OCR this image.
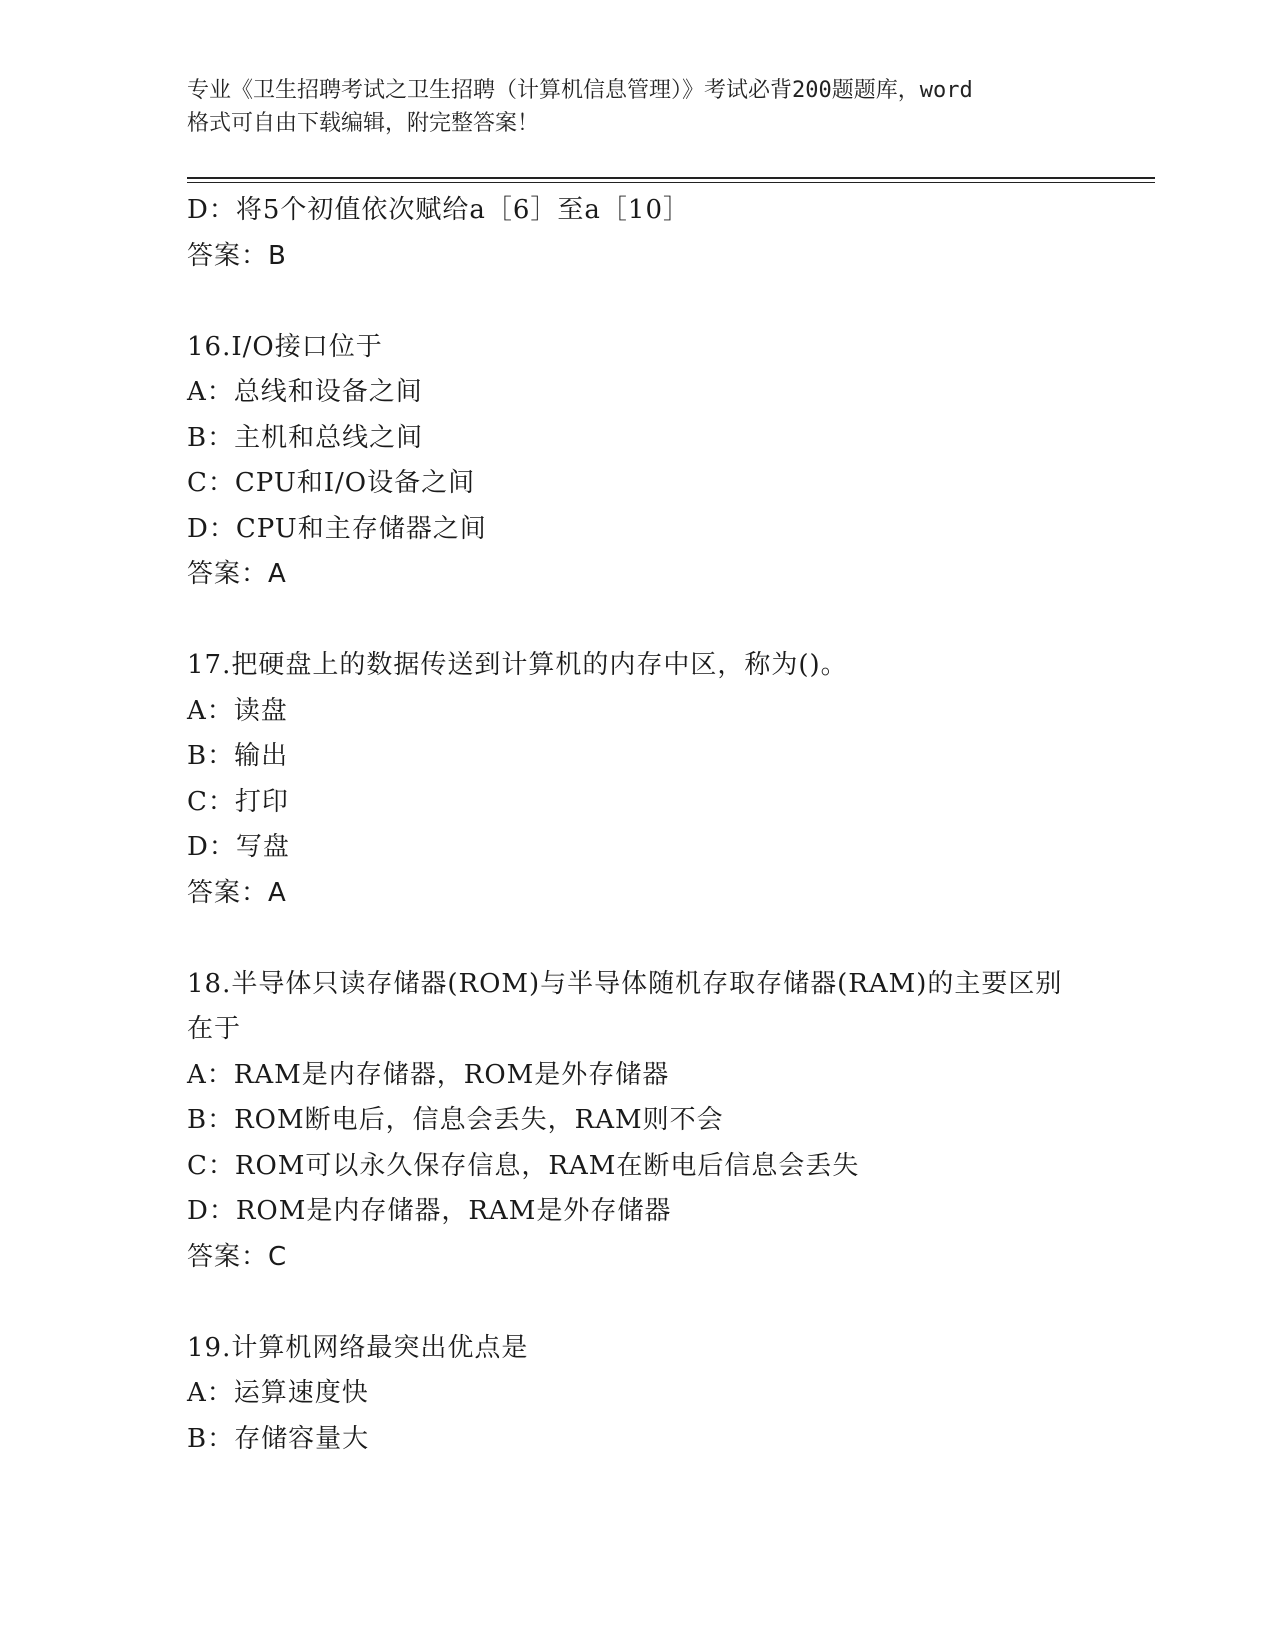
专业《卫生招聘考试之卫生招聘（计算机信息管理）》考试必背200题题库，word
格式可自由下载编辑，附完整答案！
D：将5个初值依次赋给a［6］至a［10］
答案：B
16.I/O接口位于
A：总线和设备之间
B：主机和总线之间
C：CPU和I/O设备之间
D：CPU和主存储器之间
答案：A
17.把硬盘上的数据传送到计算机的内存中区，称为()。
A：读盘
B：输出
C：打印
D：写盘
答案：A
18.半导体只读存储器(ROM)与半导体随机存取存储器(RAM)的主要区别在于
A：RAM是内存储器，ROM是外存储器
B：ROM断电后，信息会丢失，RAM则不会
C：ROM可以永久保存信息，RAM在断电后信息会丢失
D：ROM是内存储器，RAM是外存储器
答案：C
19.计算机网络最突出优点是
A：运算速度快
B：存储容量大
